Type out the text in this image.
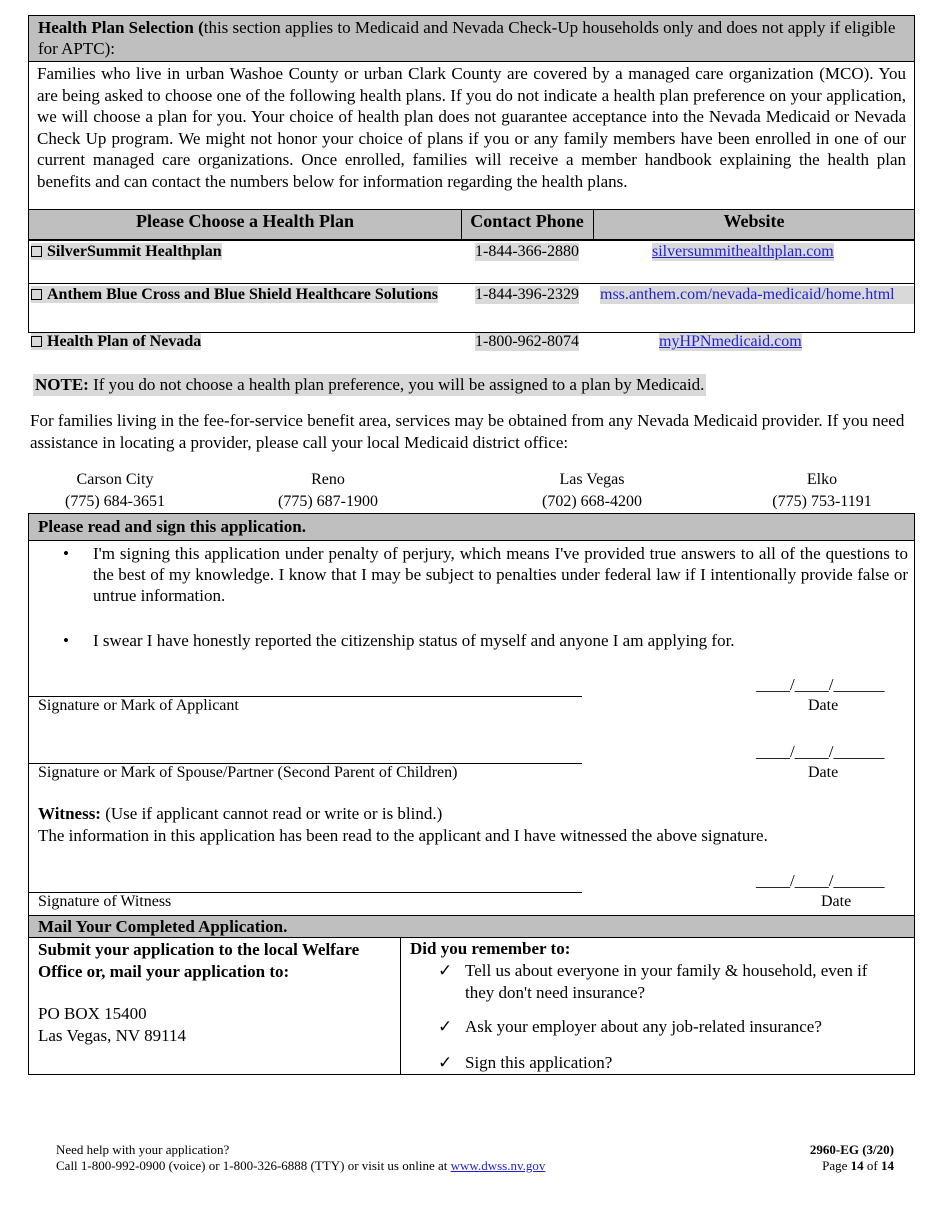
Health Plan Selection (this section applies to Medicaid and Nevada Check-Up households only and does not apply if eligible for APTC):
Families who live in urban Washoe County or urban Clark County are covered by a managed care organization (MCO). You are being asked to choose one of the following health plans. If you do not indicate a health plan preference on your application, we will choose a plan for you. Your choice of health plan does not guarantee acceptance into the Nevada Medicaid or Nevada Check Up program. We might not honor your choice of plans if you or any family members have been enrolled in one of our current managed care organizations. Once enrolled, families will receive a member handbook explaining the health plan benefits and can contact the numbers below for information regarding the health plans.
Please Choose a Health Plan	Contact Phone	Website
SilverSummit Healthplan	1-844-366-2880	silversummithealthplan.com
Anthem Blue Cross and Blue Shield Healthcare Solutions 1-844-396-2329 mss.anthem.com/nevada-medicaid/home.html
Health Plan of Nevada	1-800-962-8074	myHPNmedicaid.com
NOTE: If you do not choose a health plan preference, you will be assigned to a plan by Medicaid.
For families living in the fee-for-service benefit area, services may be obtained from any Nevada Medicaid provider. If you need assistance in locating a provider, please call your local Medicaid district office:
Carson City
(775) 684-3651
Reno
(775) 687-1900
Las Vegas
(702) 668-4200
Elko
(775) 753-1191
Please read and sign this application.
• I'm signing this application under penalty of perjury, which means I've provided true answers to all of the questions to the best of my knowledge. I know that I may be subject to penalties under federal law if I intentionally provide false or untrue information.
• I swear I have honestly reported the citizenship status of myself and anyone I am applying for.
Signature or Mark of Applicant
____/____/______
Date
Signature or Mark of Spouse/Partner (Second Parent of Children)
____/____/______
Date
Witness: (Use if applicant cannot read or write or is blind.)
The information in this application has been read to the applicant and I have witnessed the above signature.
Signature of Witness
____/____/______
Date
Mail Your Completed Application.
Submit your application to the local Welfare Office or, mail your application to:
PO BOX 15400
Las Vegas, NV 89114
Did you remember to:
✓ Tell us about everyone in your family & household, even if they don't need insurance?
✓ Ask your employer about any job-related insurance?
✓ Sign this application?
Need help with your application?
Call 1-800-992-0900 (voice) or 1-800-326-6888 (TTY) or visit us online at www.dwss.nv.gov
2960-EG (3/20)
Page 14 of 14
